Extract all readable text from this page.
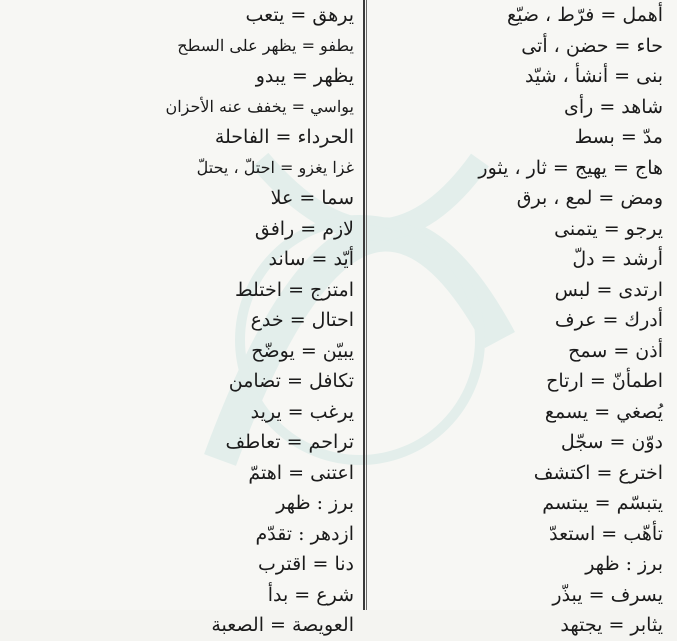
أهمل = فرّط ، ضيّع
حاء = حضن ، أتى
بنى = أنشأ ، شيّد
شاهد = رأى
مدّ = بسط
هاج = يهيج = ثار ، يثور
ومض = لمع ، برق
يرجو = يتمنى
أرشد = دلّ
ارتدى = لبس
أدرك = عرف
أذن = سمح
اطمأنّ = ارتاح
يُصغي = يسمع
دوّن = سجّل
اخترع = اكتشف
يتبسّم = يبتسم
تأهّب = استعدّ
برز : ظهر
يسرف = يبذّر
يثابر = يجتهد
يرهق = يتعب
يطفو = يظهر على السطح
يظهر = يبدو
يواسي = يخفف عنه الأحزان
الحرداء = الفاحلة
غزا يغزو = احتلّ ، يحتلّ
سما = علا
لازم = رافق
أيّد = ساند
امتزج = اختلط
احتال = خدع
يبيّن = يوضّح
تكافل = تضامن
يرغب = يريد
تراحم = تعاطف
اعتنى = اهتمّ
برز : ظهر
ازدهر : تقدّم
دنا = اقترب
شرع = بدأ
العويصة = الصعبة
